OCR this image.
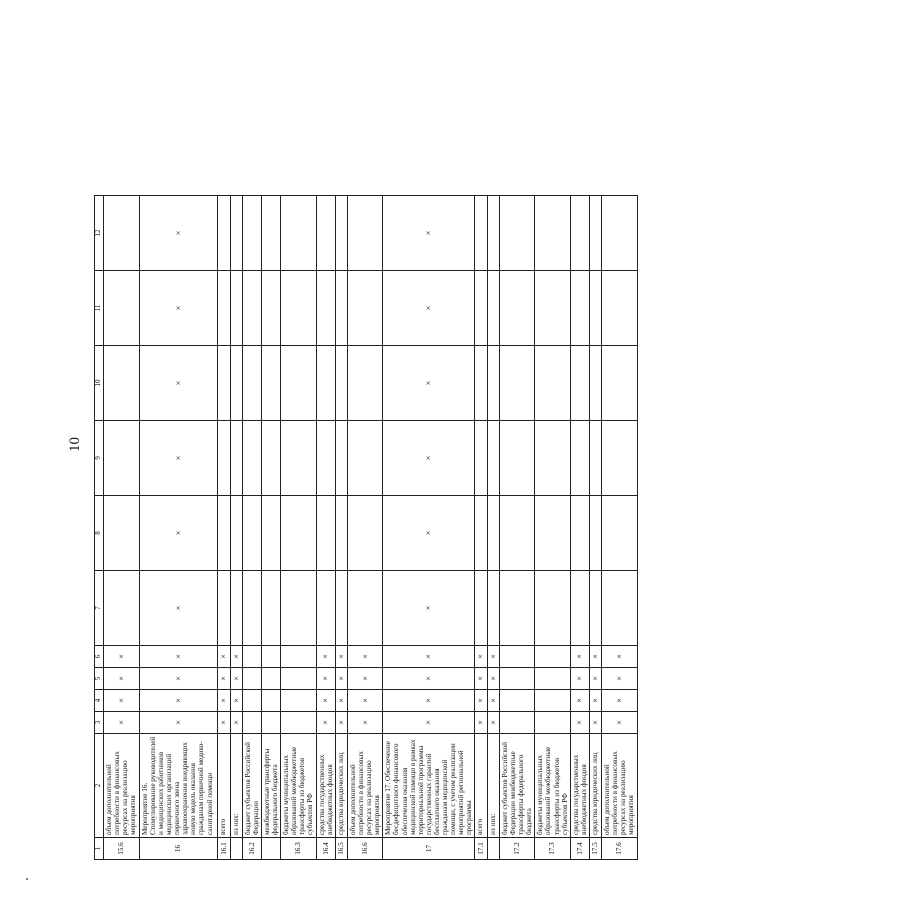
10
1	2	3	4	5	6	7	8	9	10	11	12
15.6	объем дополнительной потребности в финансовых ресурсах на реализацию мероприятия	×	×	×	×						
16	Мероприятие 16. Стимулирование руководителей и медицинских работников медицинских организаций первичного звена здравоохранения внедряющих новую модель оказания гражданам первичной медико-санитарной помощи	×	×	×	×	×	×	×	×	×	×
16.1	всего	×	×	×	×						
	из них:	×	×	×	×						
16.2	бюджет субъектов Российской Федерации										
	межбюджетные трансферты федерального бюджета										
16.3	бюджеты муниципальных образований межбюджетные трансферты из бюджетов субъектов РФ										
16.4	средства государственных внебюджетных фондов	×	×	×	×						
16.5	средства юридических лиц	×	×	×	×						
16.6	объем дополнительной потребности в финансовых ресурсах на реализацию мероприятия	×	×	×	×						
17	Мероприятие 17. Обеспечение бесдефицитного финансового обеспечения оказания медицинской помощи в рамках территориальной программы государственных гарантий бесплатного оказания гражданам медицинской помощи, с учетом реализации мероприятий региональной программы	×	×	×	×	×	×	×	×	×	×
17.1	всего	×	×	×	×						
	из них:	×	×	×	×						
17.2	бюджет субъектов Российской Федерации межбюджетные трансферты федерального бюджета										
17.3	бюджеты муниципальных образований межбюджетные трансферты из бюджетов субъектов РФ										
17.4	средства государственных внебюджетных фондов	×	×	×	×						
17.5	средства юридических лиц	×	×	×	×						
17.6	объем дополнительной потребности в финансовых ресурсах на реализацию мероприятия	×	×	×	×						
